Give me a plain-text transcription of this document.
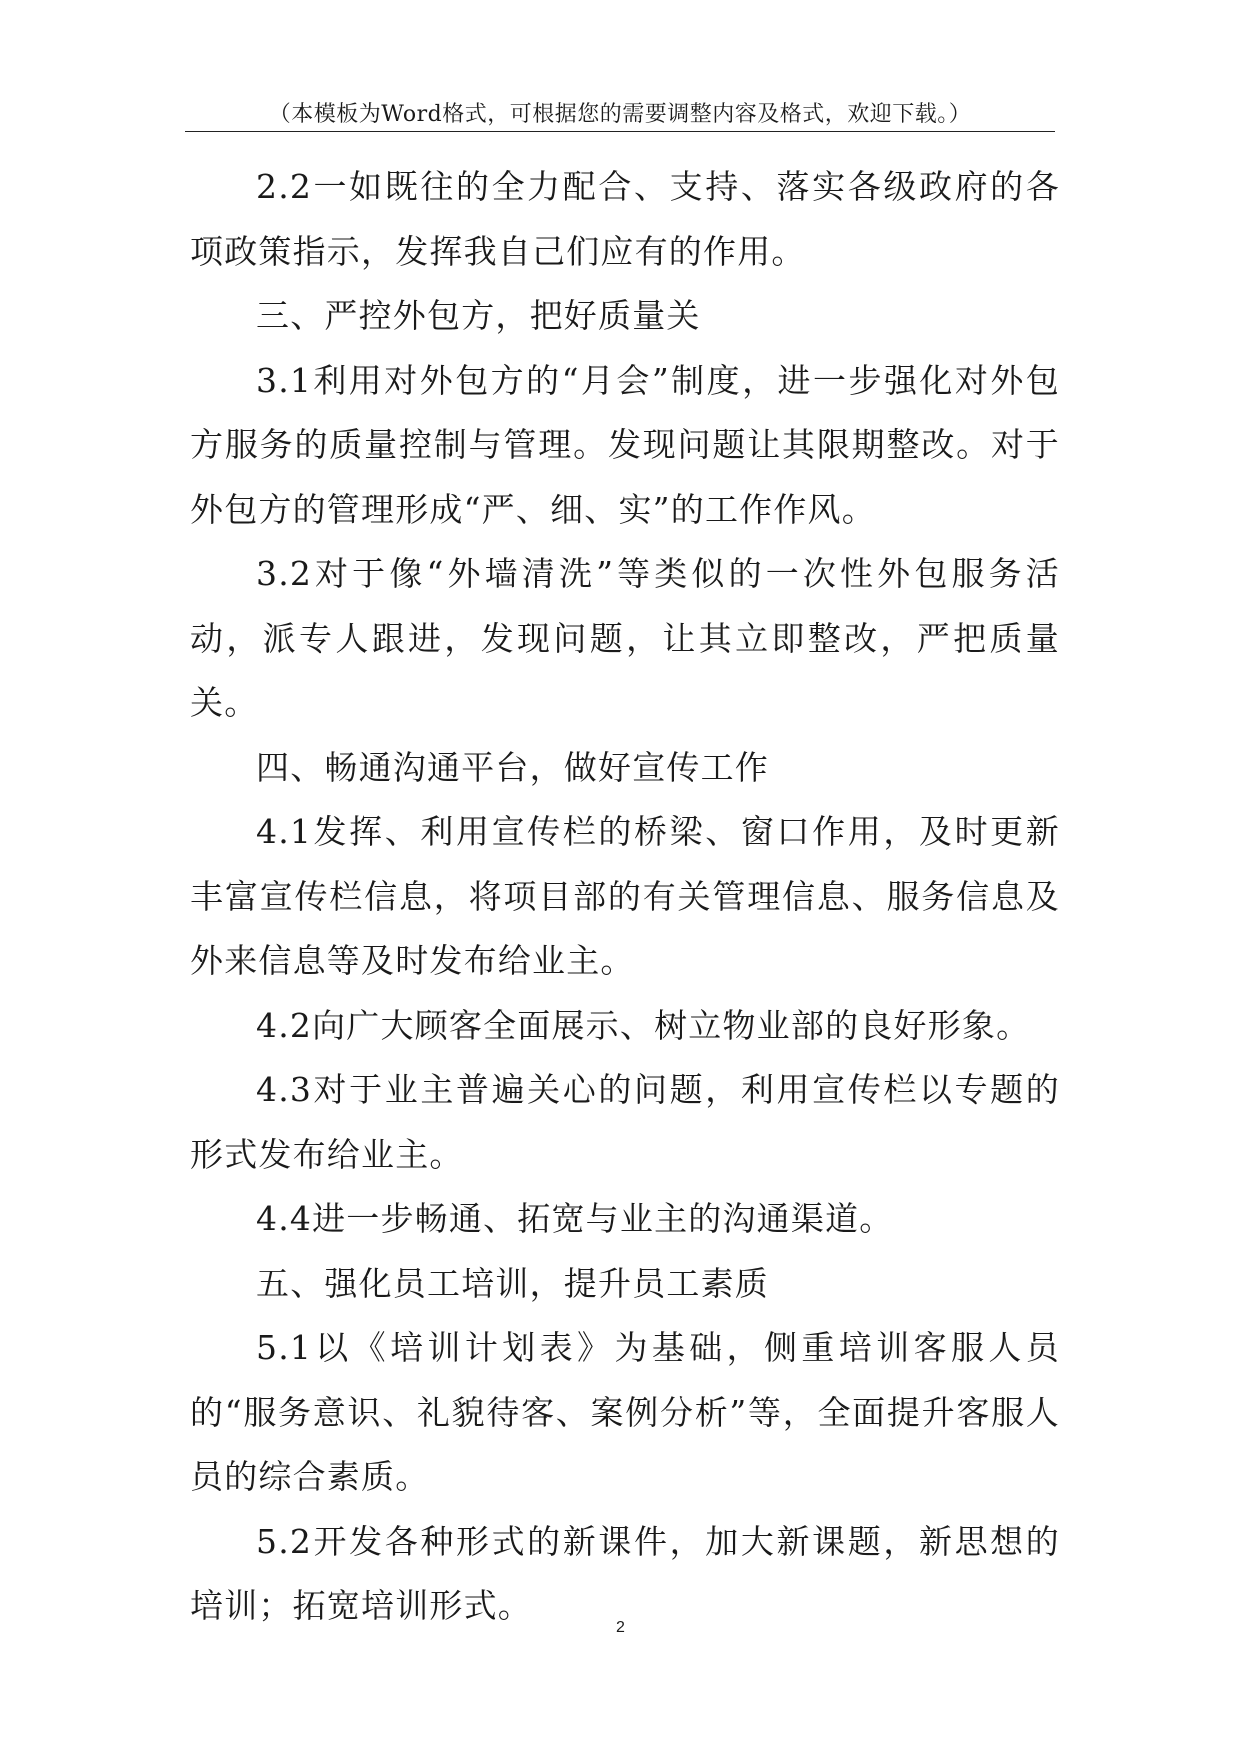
（本模板为Word格式，可根据您的需要调整内容及格式，欢迎下载。）

2.2一如既往的全力配合、支持、落实各级政府的各项政策指示，发挥我自己们应有的作用。

三、严控外包方，把好质量关

3.1利用对外包方的“月会”制度，进一步强化对外包方服务的质量控制与管理。发现问题让其限期整改。对于外包方的管理形成“严、细、实”的工作作风。

3.2对于像“外墙清洗”等类似的一次性外包服务活动，派专人跟进，发现问题，让其立即整改，严把质量关。

四、畅通沟通平台，做好宣传工作

4.1发挥、利用宣传栏的桥梁、窗口作用，及时更新丰富宣传栏信息，将项目部的有关管理信息、服务信息及外来信息等及时发布给业主。

4.2向广大顾客全面展示、树立物业部的良好形象。

4.3对于业主普遍关心的问题，利用宣传栏以专题的形式发布给业主。

4.4进一步畅通、拓宽与业主的沟通渠道。

五、强化员工培训，提升员工素质

5.1以《培训计划表》为基础，侧重培训客服人员的“服务意识、礼貌待客、案例分析”等，全面提升客服人员的综合素质。

5.2开发各种形式的新课件，加大新课题，新思想的培训；拓宽培训形式。

2
